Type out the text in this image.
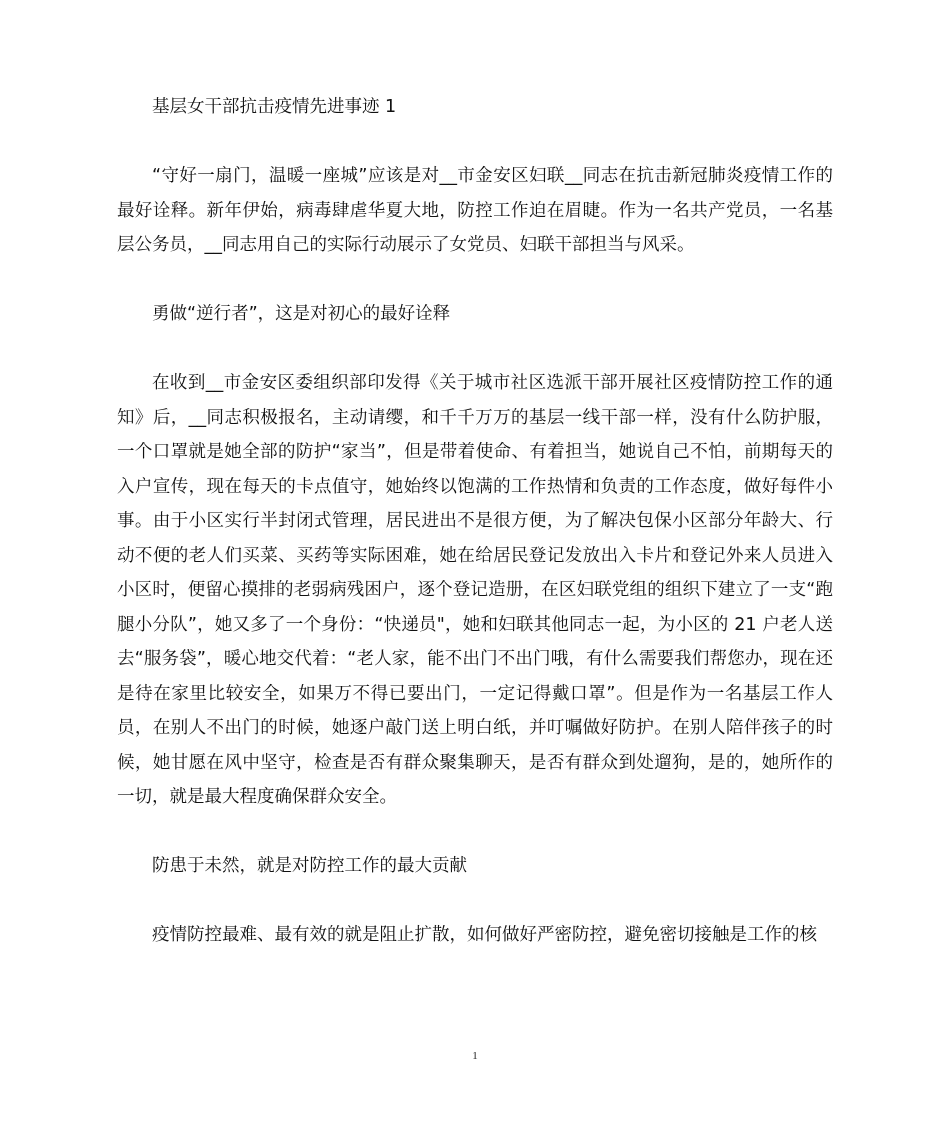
基层女干部抗击疫情先进事迹 1

“守好一扇门，温暖一座城”应该是对__市金安区妇联__同志在抗击新冠肺炎疫情工作的最好诠释。新年伊始，病毒肆虐华夏大地，防控工作迫在眉睫。作为一名共产党员，一名基层公务员，__同志用自己的实际行动展示了女党员、妇联干部担当与风采。

勇做“逆行者”，这是对初心的最好诠释

在收到__市金安区委组织部印发得《关于城市社区选派干部开展社区疫情防控工作的通知》后，__同志积极报名，主动请缨，和千千万万的基层一线干部一样，没有什么防护服，一个口罩就是她全部的防护“家当”，但是带着使命、有着担当，她说自己不怕，前期每天的入户宣传，现在每天的卡点值守，她始终以饱满的工作热情和负责的工作态度，做好每件小事。由于小区实行半封闭式管理，居民进出不是很方便，为了解决包保小区部分年龄大、行动不便的老人们买菜、买药等实际困难，她在给居民登记发放出入卡片和登记外来人员进入小区时，便留心摸排的老弱病残困户，逐个登记造册，在区妇联党组的组织下建立了一支“跑腿小分队”，她又多了一个身份：“快递员"，她和妇联其他同志一起，为小区的 21 户老人送去“服务袋”，暖心地交代着：“老人家，能不出门不出门哦，有什么需要我们帮您办，现在还是待在家里比较安全，如果万不得已要出门，一定记得戴口罩”。但是作为一名基层工作人员，在别人不出门的时候，她逐户敲门送上明白纸，并叮嘱做好防护。在别人陪伴孩子的时候，她甘愿在风中坚守，检查是否有群众聚集聊天，是否有群众到处遛狗，是的，她所作的一切，就是最大程度确保群众安全。

防患于未然，就是对防控工作的最大贡献

疫情防控最难、最有效的就是阻止扩散，如何做好严密防控，避免密切接触是工作的核

1
